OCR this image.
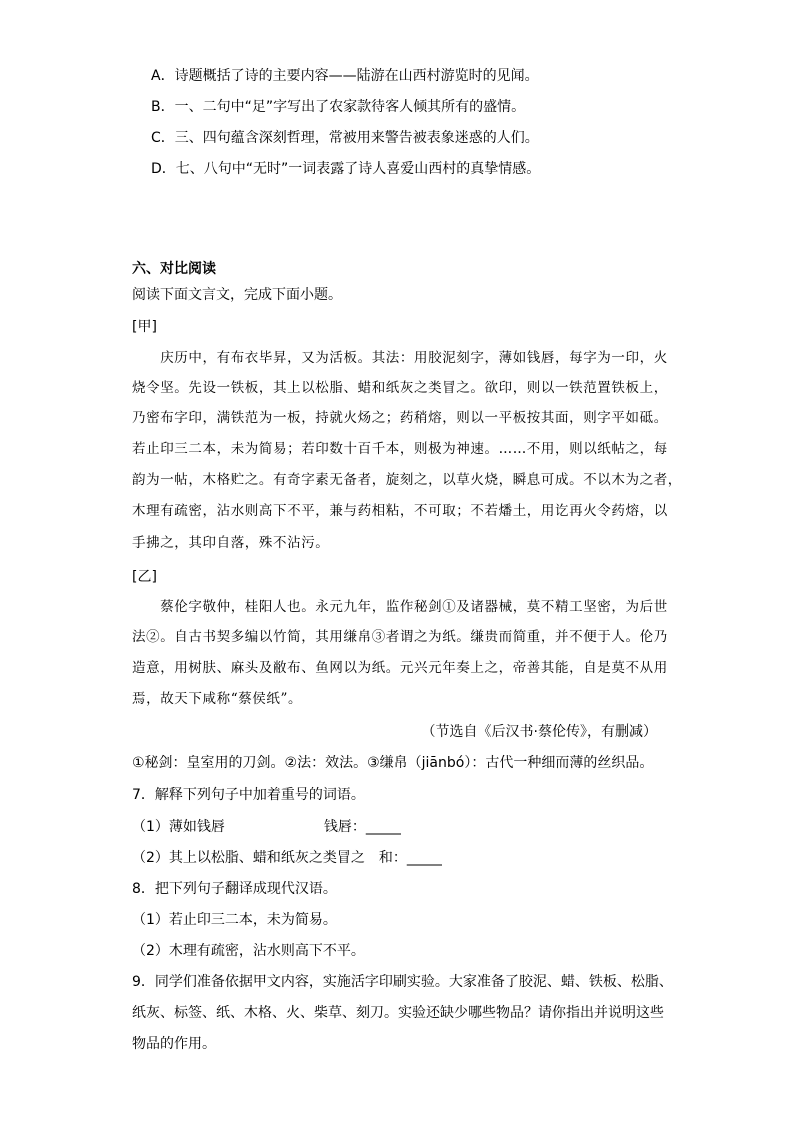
A．诗题概括了诗的主要内容——陆游在山西村游览时的见闻。
B．一、二句中“足”字写出了农家款待客人倾其所有的盛情。
C．三、四句蕴含深刻哲理，常被用来警告被表象迷惑的人们。
D．七、八句中“无时”一词表露了诗人喜爱山西村的真挚情感。
六、对比阅读
阅读下面文言文，完成下面小题。
[甲]
　　庆历中，有布衣毕昇，又为活板。其法：用胶泥刻字，薄如钱唇，每字为一印，火
烧令坚。先设一铁板，其上以松脂、蜡和纸灰之类冒之。欲印，则以一铁范置铁板上，
乃密布字印，满铁范为一板，持就火炀之；药稍熔，则以一平板按其面，则字平如砥。
若止印三二本，未为简易；若印数十百千本，则极为神速。……不用，则以纸帖之，每
韵为一帖，木格贮之。有奇字素无备者，旋刻之，以草火烧，瞬息可成。不以木为之者，
木理有疏密，沾水则高下不平，兼与药相粘，不可取；不若燔土，用讫再火令药熔，以
手拂之，其印自落，殊不沾污。
[乙]
　　蔡伦字敬仲，桂阳人也。永元九年，监作秘剑①及诸器械，莫不精工坚密，为后世
法②。自古书契多编以竹简，其用缣帛③者谓之为纸。缣贵而简重，并不便于人。伦乃
造意，用树肤、麻头及敝布、鱼网以为纸。元兴元年奏上之，帝善其能，自是莫不从用
焉，故天下咸称“蔡侯纸”。
（节选自《后汉书·蔡伦传》，有删减）
①秘剑：皇室用的刀剑。②法：效法。③缣帛（jiānbó）：古代一种细而薄的丝织品。
7．解释下列句子中加着重号的词语。
（1）薄如钱唇	钱唇：_____
（2）其上以松脂、蜡和纸灰之类冒之　和：_____
8．把下列句子翻译成现代汉语。
（1）若止印三二本，未为简易。
（2）木理有疏密，沾水则高下不平。
9．同学们准备依据甲文内容，实施活字印刷实验。大家准备了胶泥、蜡、铁板、松脂、
纸灰、标签、纸、木格、火、柴草、刻刀。实验还缺少哪些物品？请你指出并说明这些
物品的作用。
